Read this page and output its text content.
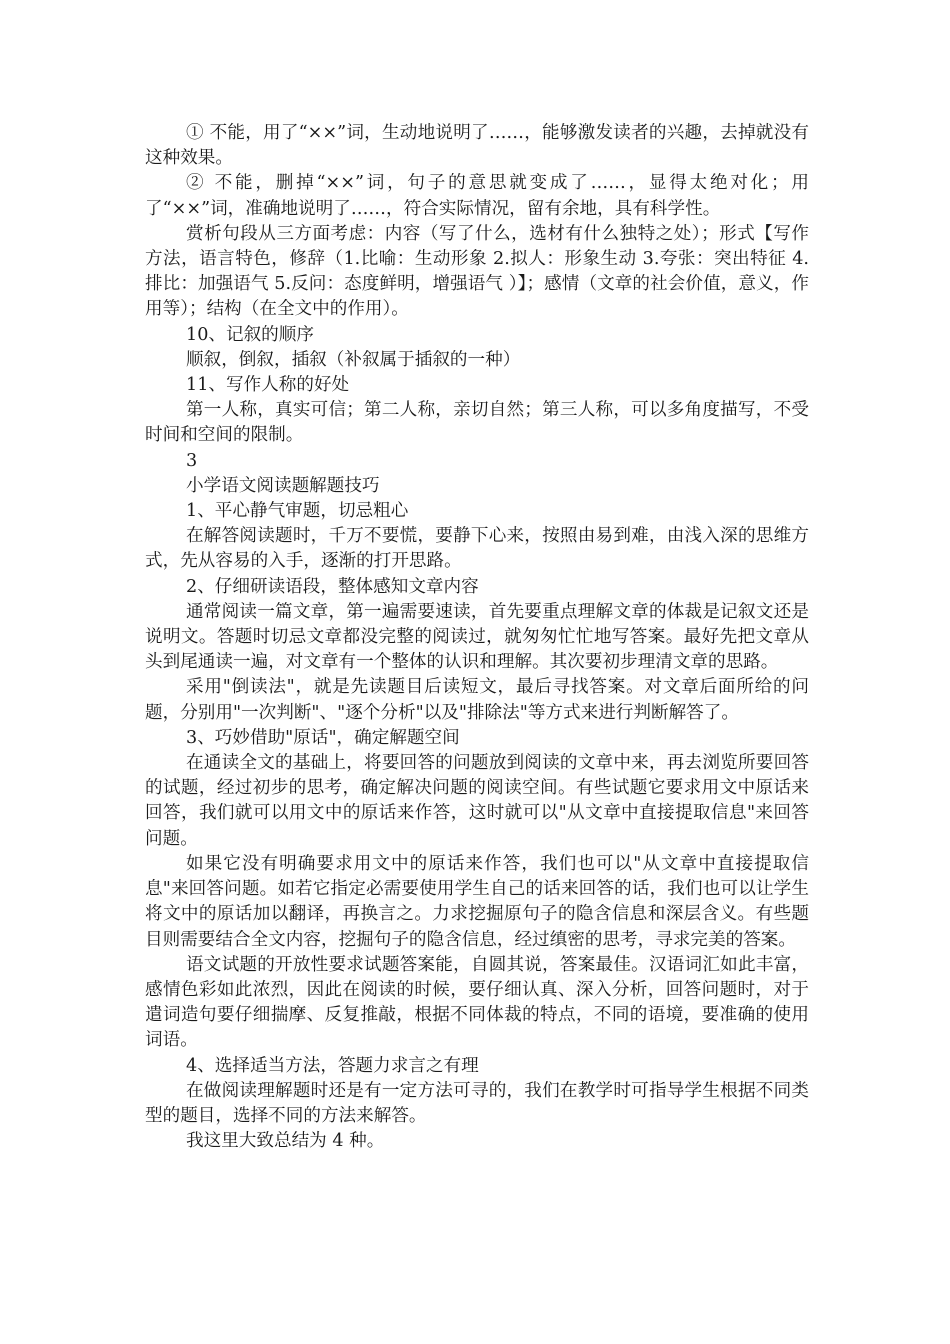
① 不能，用了“××”词，生动地说明了……，能够激发读者的兴趣，去掉就没有这种效果。

② 不能，删掉“××”词，句子的意思就变成了……，显得太绝对化；用了“××”词，准确地说明了……，符合实际情况，留有余地，具有科学性。

赏析句段从三方面考虑：内容（写了什么，选材有什么独特之处）；形式【写作方法，语言特色，修辞（1.比喻：生动形象 2.拟人：形象生动 3.夸张：突出特征 4.排比：加强语气 5.反问：态度鲜明，增强语气 ）】；感情（文章的社会价值，意义，作用等）；结构（在全文中的作用）。

10、记叙的顺序

顺叙，倒叙，插叙（补叙属于插叙的一种）

11、写作人称的好处

第一人称，真实可信；第二人称，亲切自然；第三人称，可以多角度描写，不受时间和空间的限制。

3

小学语文阅读题解题技巧

1、平心静气审题，切忌粗心

在解答阅读题时，千万不要慌，要静下心来，按照由易到难，由浅入深的思维方式，先从容易的入手，逐渐的打开思路。

2、仔细研读语段，整体感知文章内容

通常阅读一篇文章，第一遍需要速读，首先要重点理解文章的体裁是记叙文还是说明文。答题时切忌文章都没完整的阅读过，就匆匆忙忙地写答案。最好先把文章从头到尾通读一遍，对文章有一个整体的认识和理解。其次要初步理清文章的思路。

采用"倒读法"，就是先读题目后读短文，最后寻找答案。对文章后面所给的问题，分别用"一次判断"、"逐个分析"以及"排除法"等方式来进行判断解答了。

3、巧妙借助"原话"，确定解题空间

在通读全文的基础上，将要回答的问题放到阅读的文章中来，再去浏览所要回答的试题，经过初步的思考，确定解决问题的阅读空间。有些试题它要求用文中原话来回答，我们就可以用文中的原话来作答，这时就可以"从文章中直接提取信息"来回答问题。

如果它没有明确要求用文中的原话来作答，我们也可以"从文章中直接提取信息"来回答问题。如若它指定必需要使用学生自己的话来回答的话，我们也可以让学生将文中的原话加以翻译，再换言之。力求挖掘原句子的隐含信息和深层含义。有些题目则需要结合全文内容，挖掘句子的隐含信息，经过缜密的思考，寻求完美的答案。

语文试题的开放性要求试题答案能，自圆其说，答案最佳。汉语词汇如此丰富，感情色彩如此浓烈，因此在阅读的时候，要仔细认真、深入分析，回答问题时，对于遣词造句要仔细揣摩、反复推敲，根据不同体裁的特点，不同的语境，要准确的使用词语。

4、选择适当方法，答题力求言之有理

在做阅读理解题时还是有一定方法可寻的，我们在教学时可指导学生根据不同类型的题目，选择不同的方法来解答。

我这里大致总结为 4 种。
